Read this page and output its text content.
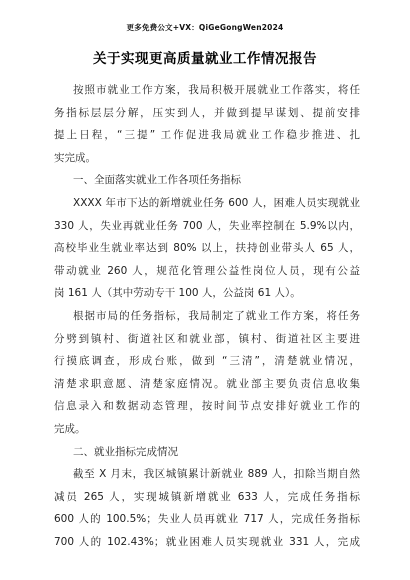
更多免费公文+VX：QiGeGongWen2024
关于实现更高质量就业工作情况报告
按照市就业工作方案，我局积极开展就业工作落实，将任
务指标层层分解，压实到人，并做到提早谋划、提前安排
提上日程，“三提” 工作促进我局就业工作稳步推进、扎
实完成。
一、全面落实就业工作各项任务指标
XXXX 年市下达的新增就业任务 600 人，困难人员实现就业
330 人，失业再就业任务 700 人，失业率控制在 5.9%以内，
高校毕业生就业率达到 80% 以上，扶持创业带头人 65 人，
带动就业 260 人，规范化管理公益性岗位人员，现有公益
岗 161 人（其中劳动专干 100 人，公益岗 61 人）。
根据市局的任务指标，我局制定了就业工作方案，将任务
分劈到镇村、街道社区和就业部，镇村、街道社区主要进
行摸底调查，形成台账，做到 “三清”，清楚就业情况，
清楚求职意愿、清楚家庭情况。就业部主要负责信息收集
信息录入和数据动态管理，按时间节点安排好就业工作的
完成。
二、就业指标完成情况
截至 X 月末，我区城镇累计新就业 889 人，扣除当期自然
减员 265 人，实现城镇新增就业 633 人，完成任务指标
600 人的 100.5%；失业人员再就业 717 人，完成任务指标
700 人的 102.43%；就业困难人员实现就业 331 人，完成
